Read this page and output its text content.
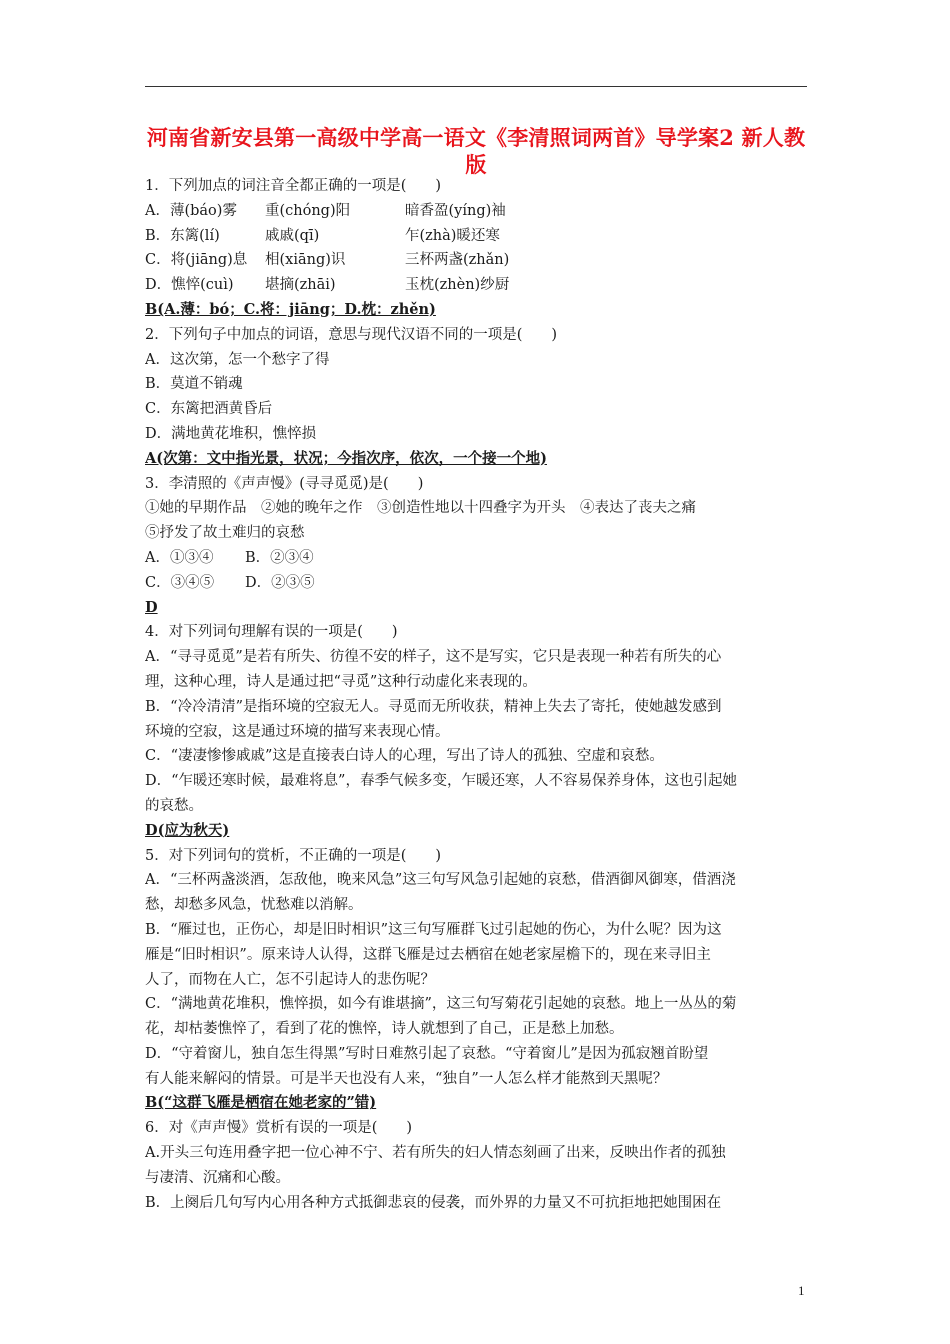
河南省新安县第一高级中学高一语文《李清照词两首》导学案2 新人教版
1．下列加点的词注音全都正确的一项是(　　)
A．薄(báo)雾	重(chóng)阳	暗香盈(yíng)袖
B．东篱(lí)	戚戚(qī)	乍(zhà)暖还寒
C．将(jiāng)息	相(xiāng)识	三杯两盏(zhǎn)
D．憔悴(cuì)	堪摘(zhāi)	玉枕(zhèn)纱厨
B(A.薄：bó；C.将：jiāng；D.枕：zhěn)
2．下列句子中加点的词语，意思与现代汉语不同的一项是(　　)
A．这次第，怎一个愁字了得
B．莫道不销魂
C．东篱把酒黄昏后
D．满地黄花堆积，憔悴损
A(次第：文中指光景，状况；今指次序，依次，一个接一个地)
3．李清照的《声声慢》(寻寻觅觅)是(　　)
①她的早期作品　②她的晚年之作　③创造性地以十四叠字为开头　④表达了丧夫之痛
⑤抒发了故土难归的哀愁
A．①③④	B．②③④
C．③④⑤	D．②③⑤
D
4．对下列词句理解有误的一项是(　　)
A．“寻寻觅觅”是若有所失、彷徨不安的样子，这不是写实，它只是表现一种若有所失的心
理，这种心理，诗人是通过把“寻觅”这种行动虚化来表现的。
B．“冷冷清清”是指环境的空寂无人。寻觅而无所收获，精神上失去了寄托，使她越发感到
环境的空寂，这是通过环境的描写来表现心情。
C．“凄凄惨惨戚戚”这是直接表白诗人的心理，写出了诗人的孤独、空虚和哀愁。
D．“乍暖还寒时候，最难将息”，春季气候多变，乍暖还寒，人不容易保养身体，这也引起她
的哀愁。
D(应为秋天)
5．对下列词句的赏析，不正确的一项是(　　)
A．“三杯两盏淡酒，怎敌他，晚来风急”这三句写风急引起她的哀愁，借酒御风御寒，借酒浇
愁，却愁多风急，忧愁难以消解。
B．“雁过也，正伤心，却是旧时相识”这三句写雁群飞过引起她的伤心，为什么呢？因为这
雁是“旧时相识”。原来诗人认得，这群飞雁是过去栖宿在她老家屋檐下的，现在来寻旧主
人了，而物在人亡，怎不引起诗人的悲伤呢？
C．“满地黄花堆积，憔悴损，如今有谁堪摘”，这三句写菊花引起她的哀愁。地上一丛丛的菊
花，却枯萎憔悴了，看到了花的憔悴，诗人就想到了自己，正是愁上加愁。
D．“守着窗儿，独自怎生得黑”写时日难熬引起了哀愁。“守着窗儿”是因为孤寂翘首盼望
有人能来解闷的情景。可是半天也没有人来，“独自”一人怎么样才能熬到天黑呢？
B(“这群飞雁是栖宿在她老家的”错)
6．对《声声慢》赏析有误的一项是(　　)
A.开头三句连用叠字把一位心神不宁、若有所失的妇人情态刻画了出来，反映出作者的孤独
与凄清、沉痛和心酸。
B．上阕后几句写内心用各种方式抵御悲哀的侵袭，而外界的力量又不可抗拒地把她围困在
1
